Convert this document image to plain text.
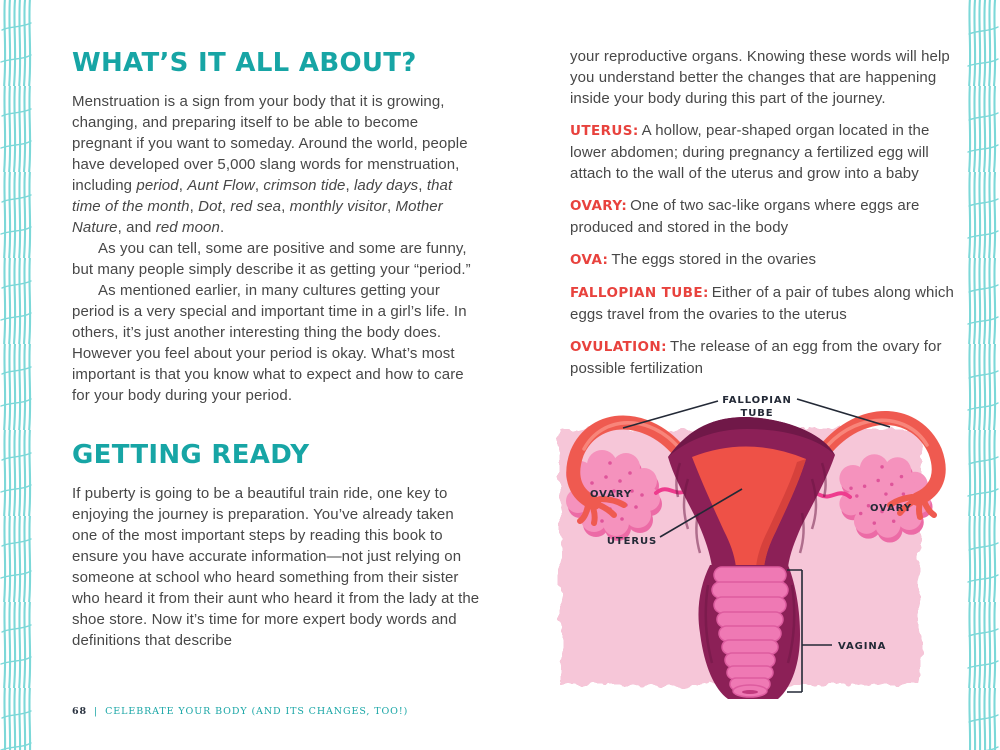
WHAT’S IT ALL ABOUT?

Menstruation is a sign from your body that it is growing, changing, and preparing itself to be able to become pregnant if you want to someday. Around the world, people have developed over 5,000 slang words for menstruation, including period, Aunt Flow, crimson tide, lady days, that time of the month, Dot, red sea, monthly visitor, Mother Nature, and red moon.

As you can tell, some are positive and some are funny, but many people simply describe it as getting your “period.”

As mentioned earlier, in many cultures getting your period is a very special and important time in a girl’s life. In others, it’s just another interesting thing the body does. However you feel about your period is okay. What’s most important is that you know what to expect and how to care for your body during your period.

GETTING READY

If puberty is going to be a beautiful train ride, one key to enjoying the journey is preparation. You’ve already taken one of the most important steps by reading this book to ensure you have accurate information—not just relying on someone at school who heard something from their sister who heard it from their aunt who heard it from the lady at the shoe store. Now it’s time for more expert body words and definitions that describe

your reproductive organs. Knowing these words will help you understand better the changes that are happening inside your body during this part of the journey.

UTERUS: A hollow, pear-shaped organ located in the lower abdomen; during pregnancy a fertilized egg will attach to the wall of the uterus and grow into a baby

OVARY: One of two sac-like organs where eggs are produced and stored in the body

OVA: The eggs stored in the ovaries

FALLOPIAN TUBE: Either of a pair of tubes along which eggs travel from the ovaries to the uterus

OVULATION: The release of an egg from the ovary for possible fertilization

FALLOPIAN
TUBE
OVARY
OVARY
UTERUS
VAGINA
68 | CELEBRATE YOUR BODY (AND ITS CHANGES, TOO!)
